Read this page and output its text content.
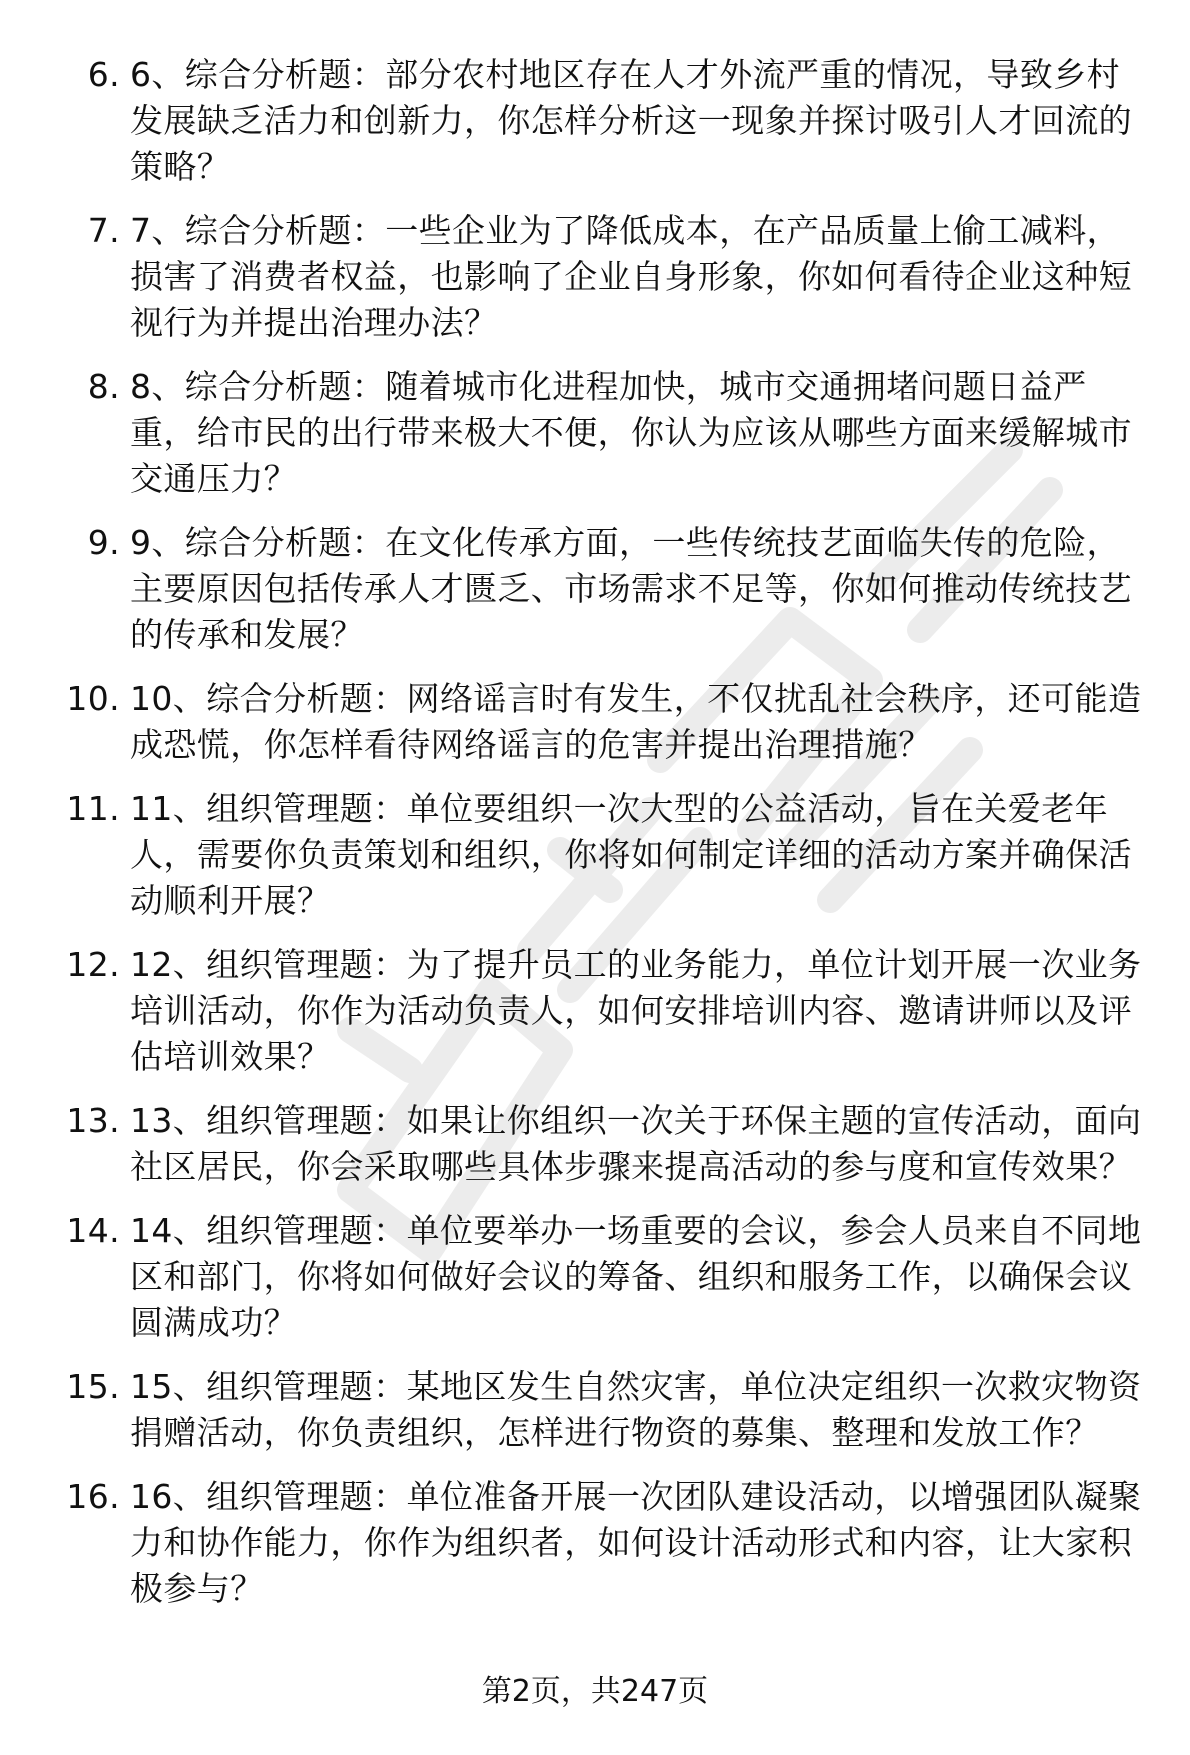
6. 6、综合分析题：部分农村地区存在人才外流严重的情况，导致乡村发展缺乏活力和创新力，你怎样分析这一现象并探讨吸引人才回流的策略？
7. 7、综合分析题：一些企业为了降低成本，在产品质量上偷工减料，损害了消费者权益，也影响了企业自身形象，你如何看待企业这种短视行为并提出治理办法？
8. 8、综合分析题：随着城市化进程加快，城市交通拥堵问题日益严重，给市民的出行带来极大不便，你认为应该从哪些方面来缓解城市交通压力？
9. 9、综合分析题：在文化传承方面，一些传统技艺面临失传的危险，主要原因包括传承人才匮乏、市场需求不足等，你如何推动传统技艺的传承和发展？
10. 10、综合分析题：网络谣言时有发生，不仅扰乱社会秩序，还可能造成恐慌，你怎样看待网络谣言的危害并提出治理措施？
11. 11、组织管理题：单位要组织一次大型的公益活动，旨在关爱老年人，需要你负责策划和组织，你将如何制定详细的活动方案并确保活动顺利开展？
12. 12、组织管理题：为了提升员工的业务能力，单位计划开展一次业务培训活动，你作为活动负责人，如何安排培训内容、邀请讲师以及评估培训效果？
13. 13、组织管理题：如果让你组织一次关于环保主题的宣传活动，面向社区居民，你会采取哪些具体步骤来提高活动的参与度和宣传效果？
14. 14、组织管理题：单位要举办一场重要的会议，参会人员来自不同地区和部门，你将如何做好会议的筹备、组织和服务工作，以确保会议圆满成功？
15. 15、组织管理题：某地区发生自然灾害，单位决定组织一次救灾物资捐赠活动，你负责组织，怎样进行物资的募集、整理和发放工作？
16. 16、组织管理题：单位准备开展一次团队建设活动，以增强团队凝聚力和协作能力，你作为组织者，如何设计活动形式和内容，让大家积极参与？
第2页，共247页
